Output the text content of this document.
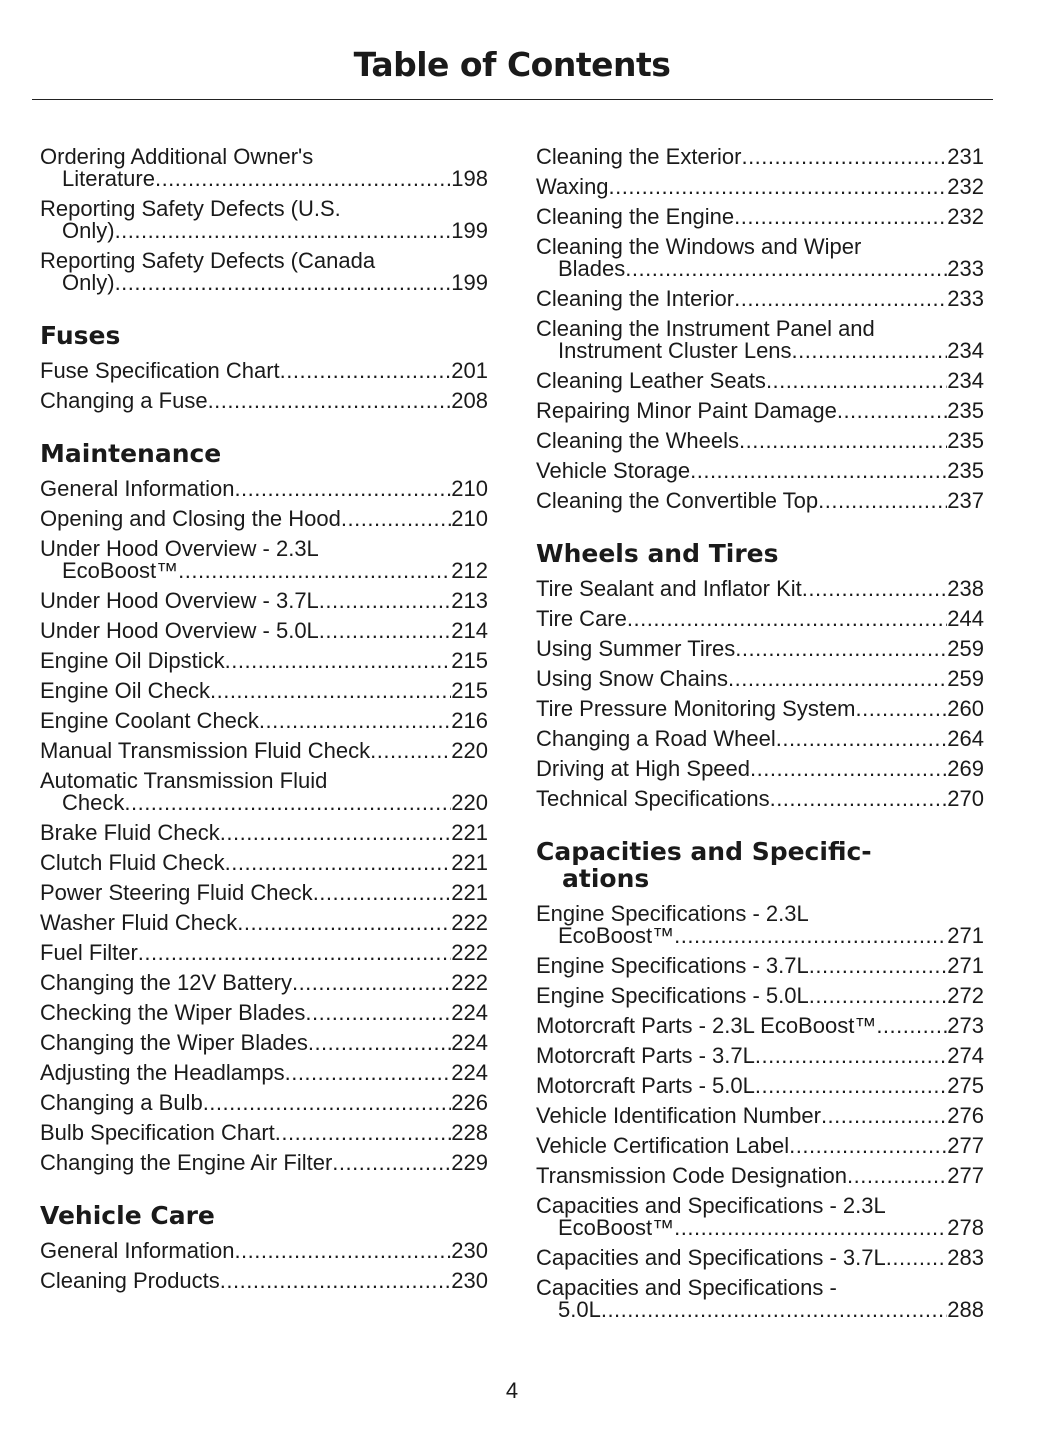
Table of Contents
Ordering Additional Owner's
Literature .....	198
Reporting Safety Defects (U.S.
Only) .....	199
Reporting Safety Defects (Canada
Only) .....	199
Fuses
Fuse Specification Chart .....	201
Changing a Fuse .....	208
Maintenance
General Information .....	210
Opening and Closing the Hood .....	210
Under Hood Overview - 2.3L
EcoBoost™ .....	212
Under Hood Overview - 3.7L .....	213
Under Hood Overview - 5.0L .....	214
Engine Oil Dipstick .....	215
Engine Oil Check .....	215
Engine Coolant Check .....	216
Manual Transmission Fluid Check .....	220
Automatic Transmission Fluid
Check .....	220
Brake Fluid Check .....	221
Clutch Fluid Check .....	221
Power Steering Fluid Check .....	221
Washer Fluid Check .....	222
Fuel Filter .....	222
Changing the 12V Battery .....	222
Checking the Wiper Blades .....	224
Changing the Wiper Blades .....	224
Adjusting the Headlamps .....	224
Changing a Bulb .....	226
Bulb Specification Chart .....	228
Changing the Engine Air Filter .....	229
Vehicle Care
General Information .....	230
Cleaning Products .....	230
Cleaning the Exterior .....	231
Waxing .....	232
Cleaning the Engine .....	232
Cleaning the Windows and Wiper
Blades .....	233
Cleaning the Interior .....	233
Cleaning the Instrument Panel and
Instrument Cluster Lens .....	234
Cleaning Leather Seats .....	234
Repairing Minor Paint Damage .....	235
Cleaning the Wheels .....	235
Vehicle Storage .....	235
Cleaning the Convertible Top .....	237
Wheels and Tires
Tire Sealant and Inflator Kit .....	238
Tire Care .....	244
Using Summer Tires .....	259
Using Snow Chains .....	259
Tire Pressure Monitoring System .....	260
Changing a Road Wheel .....	264
Driving at High Speed .....	269
Technical Specifications .....	270
Capacities and Specific-
ations
Engine Specifications - 2.3L
EcoBoost™ .....	271
Engine Specifications - 3.7L .....	271
Engine Specifications - 5.0L .....	272
Motorcraft Parts - 2.3L EcoBoost™ .....	273
Motorcraft Parts - 3.7L .....	274
Motorcraft Parts - 5.0L .....	275
Vehicle Identification Number .....	276
Vehicle Certification Label .....	277
Transmission Code Designation .....	277
Capacities and Specifications - 2.3L
EcoBoost™ .....	278
Capacities and Specifications - 3.7L .....	283
Capacities and Specifications -
5.0L .....	288
4
